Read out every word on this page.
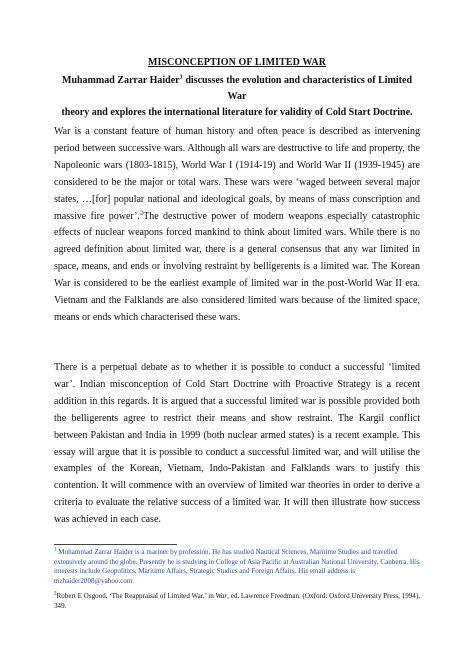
MISCONCEPTION OF LIMITED WAR
Muhammad Zarrar Haider$^1$ discusses the evolution and characteristics of Limited War
theory and explores the international literature for validity of Cold Start Doctrine.

War is a constant feature of human history and often peace is described as intervening period between successive wars. Although all wars are destructive to life and property, the Napoleonic wars (1803-1815), World War I (1914-19) and World War II (1939-1945) are considered to be the major or total wars. These wars were ‘waged between several major states, …[for] popular national and ideological goals, by means of mass conscription and massive fire power’.$^2$The destructive power of modern weapons especially catastrophic effects of nuclear weapons forced mankind to think about limited wars. While there is no agreed definition about limited war, there is a general consensus that any war limited in space, means, and ends or involving restraint by belligerents is a limited war. The Korean War is considered to be the earliest example of limited war in the post-World War II era. Vietnam and the Falklands are also considered limited wars because of the limited space, means or ends which characterised these wars.

There is a perpetual debate as to whether it is possible to conduct a successful ‘limited war’. Indian misconception of Cold Start Doctrine with Proactive Strategy is a recent addition in this regards. It is argued that a successful limited war is possible provided both the belligerents agree to restrict their means and show restraint. The Kargil conflict between Pakistan and India in 1999 (both nuclear armed states) is a recent example. This essay will argue that it is possible to conduct a successful limited war, and will utilise the examples of the Korean, Vietnam, Indo-Pakistan and Falklands wars to justify this contention. It will commence with an overview of limited war theories in order to derive a criteria to evaluate the relative success of a limited war. It will then illustrate how success was achieved in each case.

$^1$ Muhammad Zarrar Haider is a mariner by profession. He has studied Nautical Sciences, Maritime Studies and travelled extensively around the globe. Presently he is studying in College of Asia Pacific at Australian National University, Canberra. His interests include Geopolitics, Maritime Affairs, Strategic Studies and Foreign Affairs. His email address is mzhaider2008@yahoo.com.

$^2$Robert E Osgood, ‘The Reappraisal of Limited War,’ in War, ed. Lawrence Freedman. (Oxford: Oxford University Press, 1994), 349.
